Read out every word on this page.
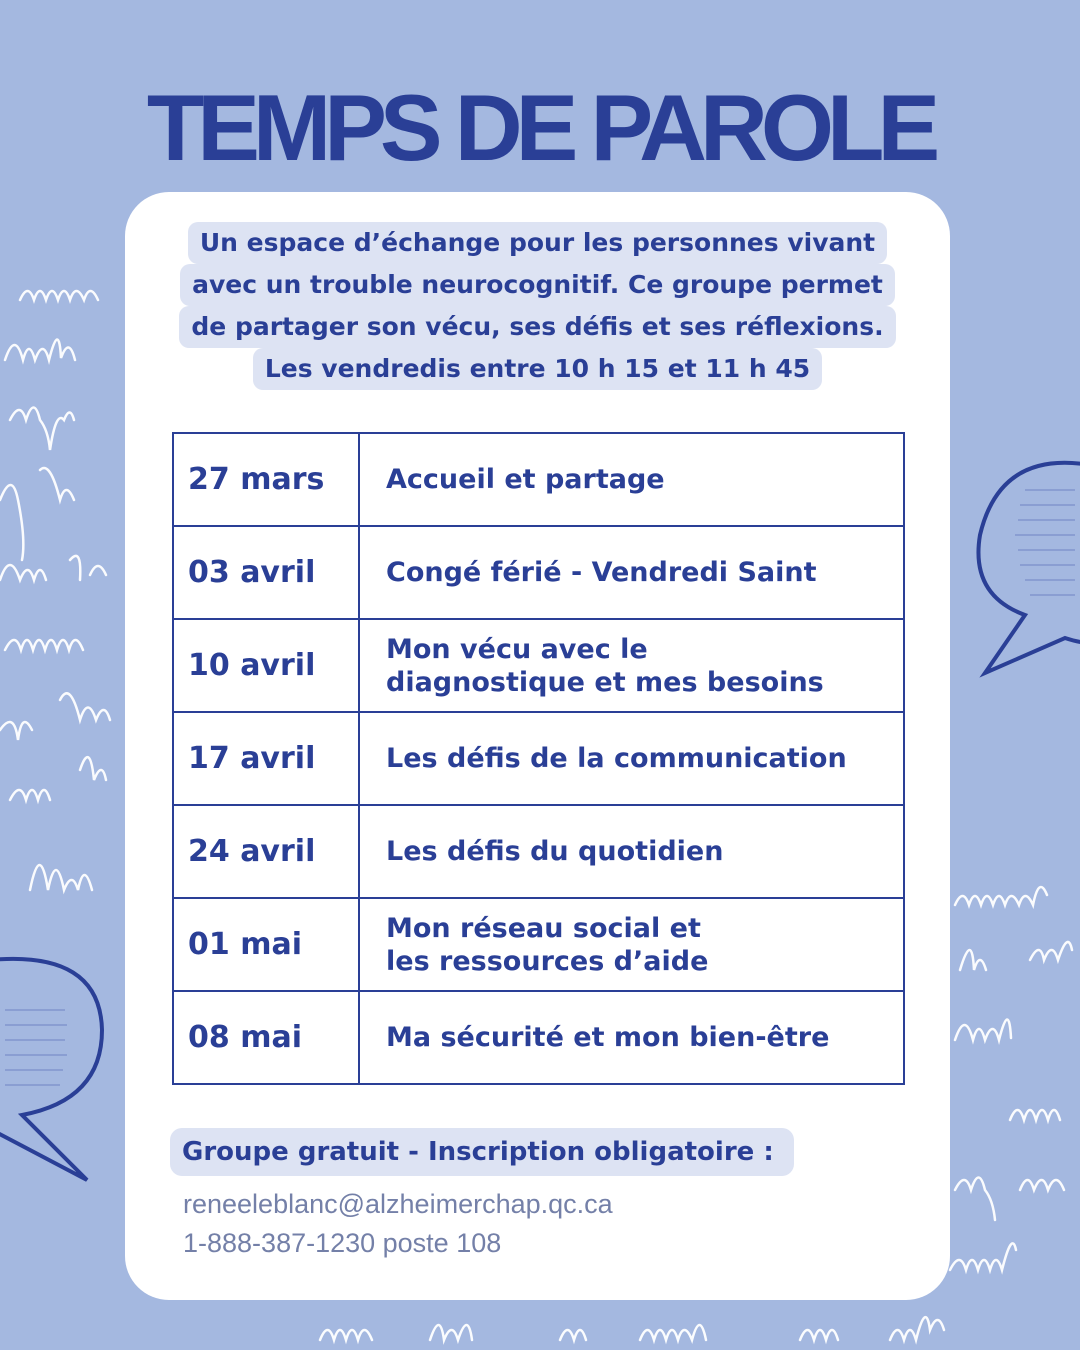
TEMPS DE PAROLE
Un espace d’échange pour les personnes vivant
avec un trouble neurocognitif. Ce groupe permet
de partager son vécu, ses défis et ses réflexions.
Les vendredis entre 10 h 15 et 11 h 45
27 mars	Accueil et partage
03 avril	Congé férié - Vendredi Saint
10 avril	Mon vécu avec le diagnostique et mes besoins
17 avril	Les défis de la communication
24 avril	Les défis du quotidien
01 mai	Mon réseau social et les ressources d’aide
08 mai	Ma sécurité et mon bien-être
Groupe gratuit - Inscription obligatoire :
reneeleblanc@alzheimerchap.qc.ca
1-888-387-1230 poste 108
